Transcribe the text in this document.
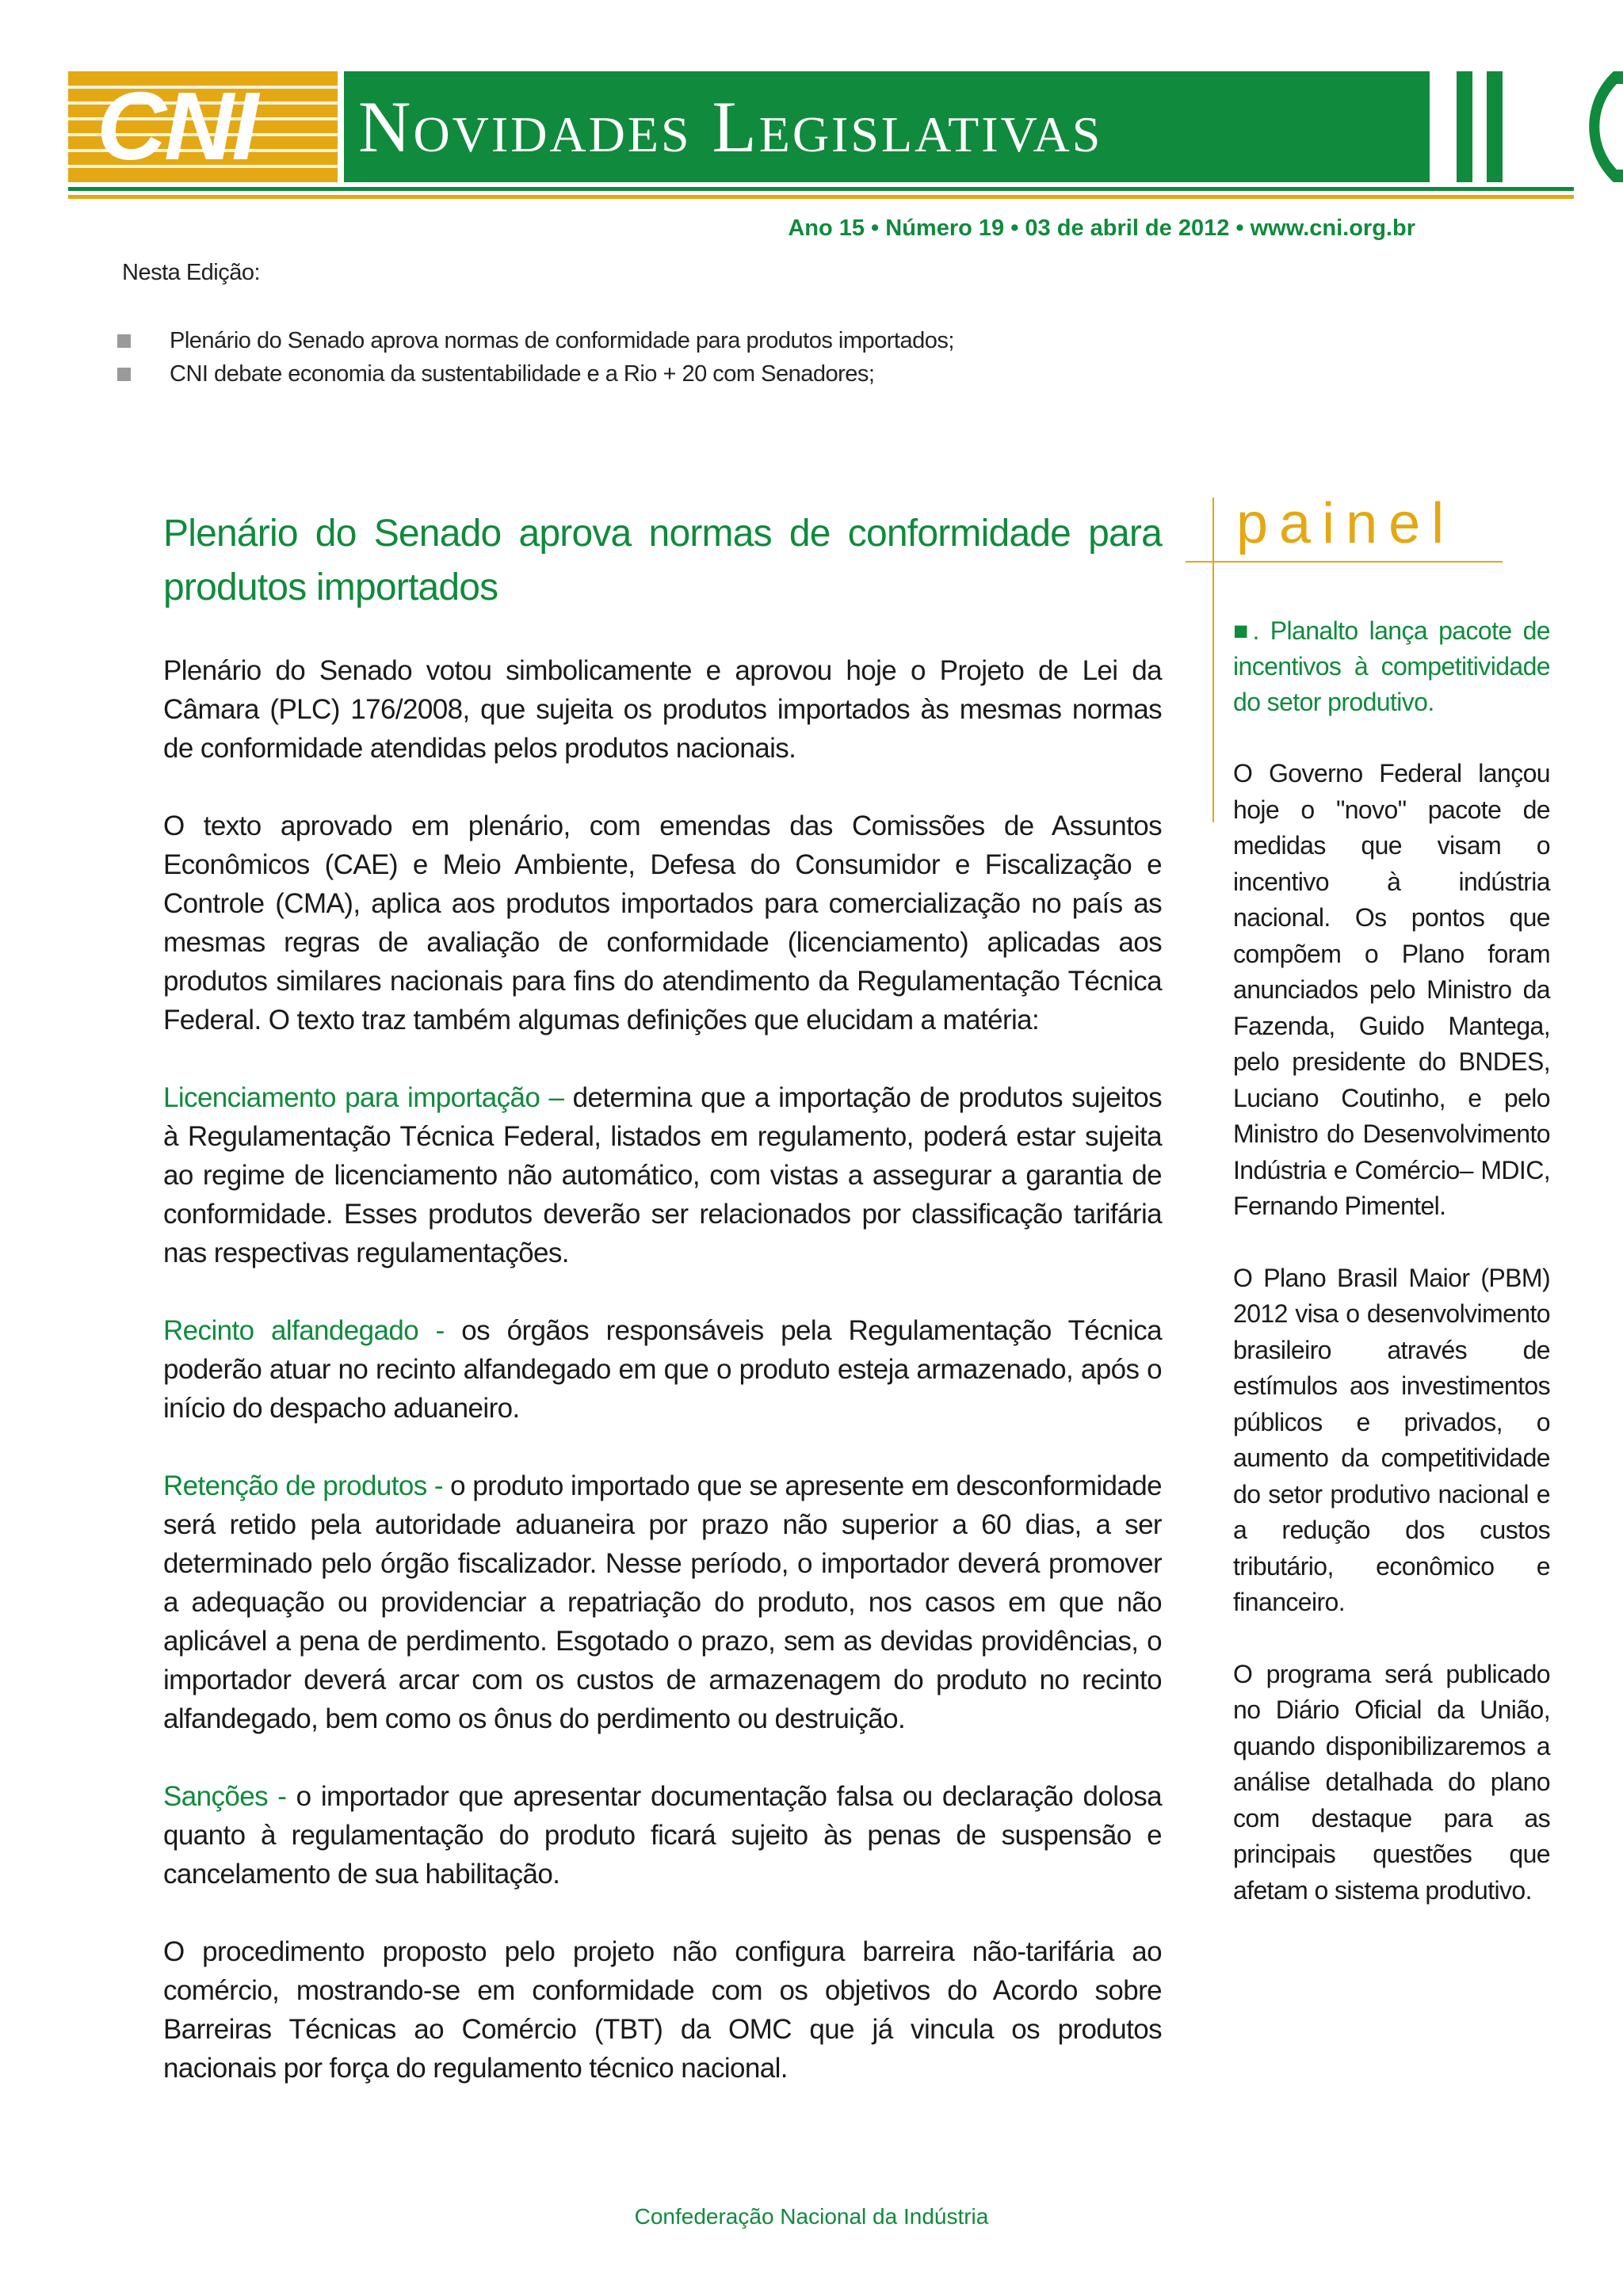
CNI Novidades Legislativas
Ano 15 • Número 19 • 03 de abril de 2012 • www.cni.org.br
Nesta Edição:
Plenário do Senado aprova normas de conformidade para produtos importados;
CNI debate economia da sustentabilidade e a Rio + 20 com Senadores;
Plenário do Senado aprova normas de conformidade para produtos importados

Plenário do Senado votou simbolicamente e aprovou hoje o Projeto de Lei da Câmara (PLC) 176/2008, que sujeita os produtos importados às mesmas normas de conformidade atendidas pelos produtos nacionais.

O texto aprovado em plenário, com emendas das Comissões de Assuntos Econômicos (CAE) e Meio Ambiente, Defesa do Consumidor e Fiscalização e Controle (CMA), aplica aos produtos importados para comercialização no país as mesmas regras de avaliação de conformidade (licenciamento) aplicadas aos produtos similares nacionais para fins do atendimento da Regulamentação Técnica Federal. O texto traz também algumas definições que elucidam a matéria:

Licenciamento para importação – determina que a importação de produtos sujeitos à Regulamentação Técnica Federal, listados em regulamento, poderá estar sujeita ao regime de licenciamento não automático, com vistas a assegurar a garantia de conformidade. Esses produtos deverão ser relacionados por classificação tarifária nas respectivas regulamentações.

Recinto alfandegado - os órgãos responsáveis pela Regulamentação Técnica poderão atuar no recinto alfandegado em que o produto esteja armazenado, após o início do despacho aduaneiro.

Retenção de produtos - o produto importado que se apresente em desconformidade será retido pela autoridade aduaneira por prazo não superior a 60 dias, a ser determinado pelo órgão fiscalizador. Nesse período, o importador deverá promover a adequação ou providenciar a repatriação do produto, nos casos em que não aplicável a pena de perdimento. Esgotado o prazo, sem as devidas providências, o importador deverá arcar com os custos de armazenagem do produto no recinto alfandegado, bem como os ônus do perdimento ou destruição.

Sanções - o importador que apresentar documentação falsa ou declaração dolosa quanto à regulamentação do produto ficará sujeito às penas de suspensão e cancelamento de sua habilitação.

O procedimento proposto pelo projeto não configura barreira não-tarifária ao comércio, mostrando-se em conformidade com os objetivos do Acordo sobre Barreiras Técnicas ao Comércio (TBT) da OMC que já vincula os produtos nacionais por força do regulamento técnico nacional.

painel
■. Planalto lança pacote de incentivos à competitividade do setor produtivo.

O Governo Federal lançou hoje o "novo" pacote de medidas que visam o incentivo à indústria nacional. Os pontos que compõem o Plano foram anunciados pelo Ministro da Fazenda, Guido Mantega, pelo presidente do BNDES, Luciano Coutinho, e pelo Ministro do Desenvolvimento Indústria e Comércio– MDIC, Fernando Pimentel.

O Plano Brasil Maior (PBM) 2012 visa o desenvolvimento brasileiro através de estímulos aos investimentos públicos e privados, o aumento da competitividade do setor produtivo nacional e a redução dos custos tributário, econômico e financeiro.

O programa será publicado no Diário Oficial da União, quando disponibilizaremos a análise detalhada do plano com destaque para as principais questões que afetam o sistema produtivo.

Confederação Nacional da Indústria
